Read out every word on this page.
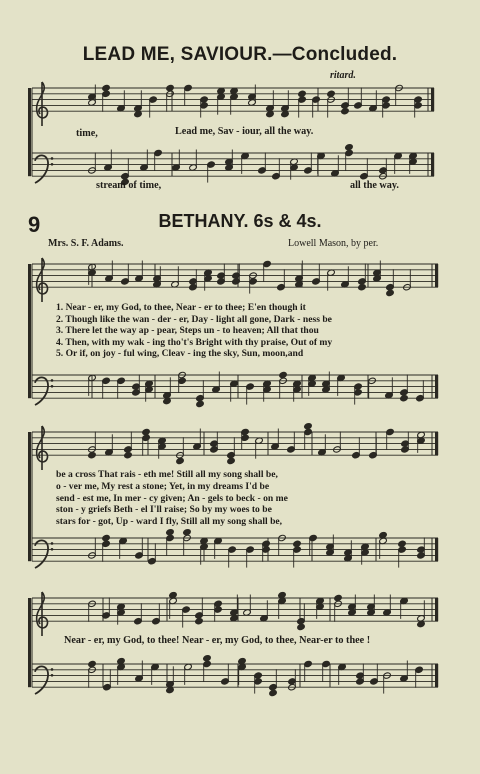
LEAD ME, SAVIOUR.—Concluded.
ritard.
time,	Lead me, Sav - iour, all the way.
stream of time,	all the way.
9	BETHANY. 6s & 4s.
Mrs. S. F. Adams.	Lowell Mason, by per.
1. Near - er, my God, to thee, Near - er to thee; E'en though it
2. Though like the wan - der - er, Day - light all gone, Dark - ness be
3. There let the way ap - pear, Steps un - to heaven; All that thou
4. Then, with my wak - ing tho't's Bright with thy praise, Out of my
5. Or if, on joy - ful wing, Cleav - ing the sky, Sun, moon,and
be a cross That rais - eth me! Still all my song shall be,
o - ver me, My rest a stone; Yet, in my dreams I'd be
send - est me, In mer - cy given; An - gels to beck - on me
ston - y griefs Beth - el I'll raise; So by my woes to be
stars for - got, Up - ward I fly, Still all my song shall be,
Near - er, my God, to thee! Near - er, my God, to thee, Near-er to thee !
